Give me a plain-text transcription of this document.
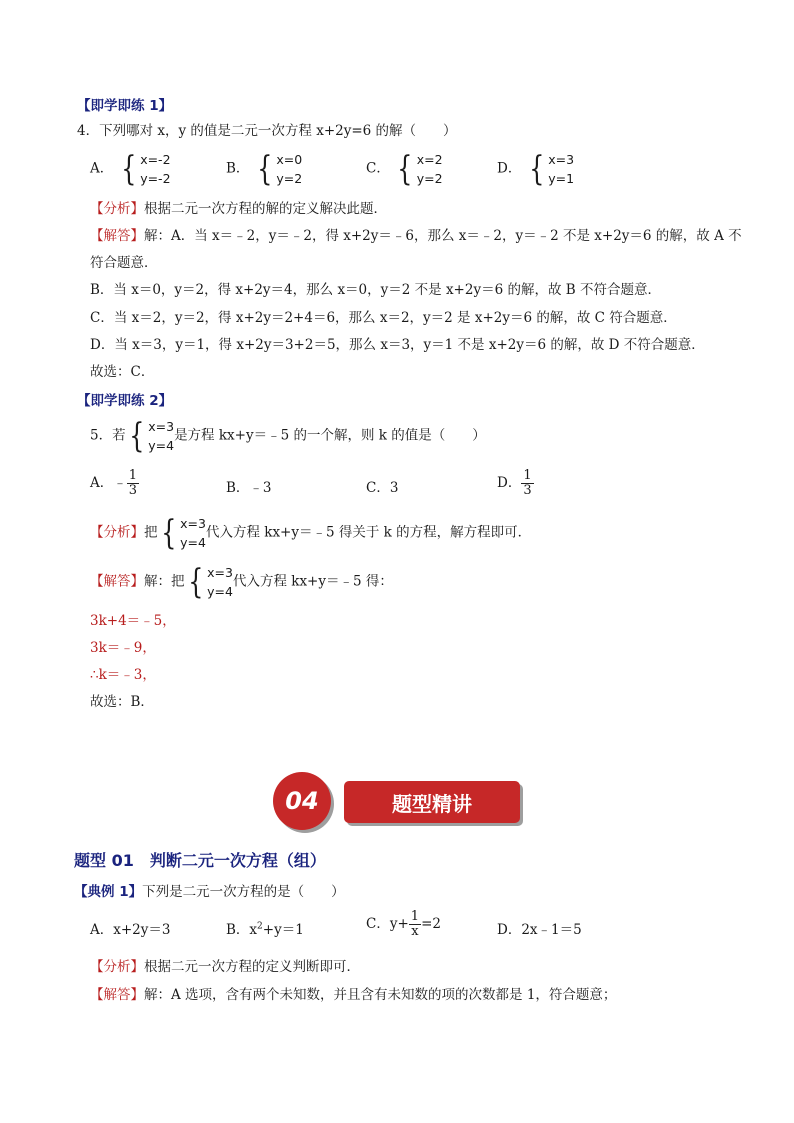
【即学即练 1】
4．下列哪对 x，y 的值是二元一次方程 x+2y=6 的解（　　）
A． { x=-2
y=-2
B． { x=0
y=2
C． { x=2
y=2
D． { x=3
y=1
【分析】根据二元一次方程的解的定义解决此题．
【解答】解：A．当 x＝﹣2，y＝﹣2，得 x+2y＝﹣6，那么 x＝﹣2，y＝﹣2 不是 x+2y＝6 的解，故 A 不
符合题意．
B．当 x＝0，y＝2，得 x+2y＝4，那么 x＝0，y＝2 不是 x+2y＝6 的解，故 B 不符合题意．
C．当 x＝2，y＝2，得 x+2y＝2+4＝6，那么 x＝2，y＝2 是 x+2y＝6 的解，故 C 符合题意．
D．当 x＝3，y＝1，得 x+2y＝3+2＝5，那么 x＝3，y＝1 不是 x+2y＝6 的解，故 D 不符合题意．
故选：C．
【即学即练 2】
5．若 { x=3
y=4
是方程 kx+y＝﹣5 的一个解，则 k 的值是（　　）
A．﹣ $\frac{1}{3}$	B．﹣3	C．3	D． $\frac{1}{3}$
【分析】把 { x=3
y=4
代入方程 kx+y＝﹣5 得关于 k 的方程，解方程即可．
【解答】解：把 { x=3
y=4
代入方程 kx+y＝﹣5 得：
3k+4＝﹣5，
3k＝﹣9，
∴k＝﹣3，
故选：B．
04	题型精讲
题型 01　判断二元一次方程（组）
【典例 1】下列是二元一次方程的是（　　）
A．x+2y＝3	B．$x^2+y=1$	C．$y+ \frac{1}{x} =2$	D．2x﹣1＝5
【分析】根据二元一次方程的定义判断即可．
【解答】解：A 选项，含有两个未知数，并且含有未知数的项的次数都是 1，符合题意；
